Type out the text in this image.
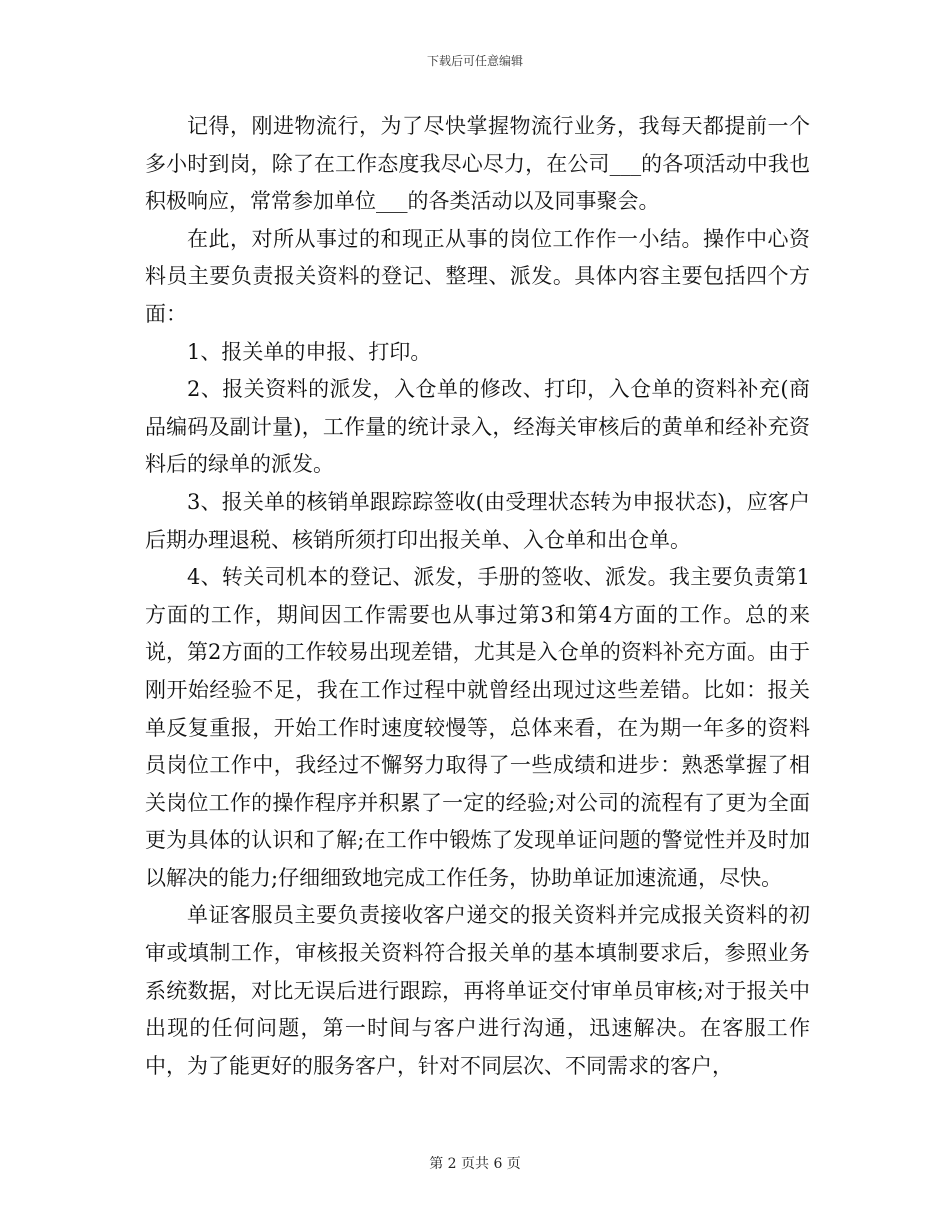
下载后可任意编辑

记得，刚进物流行，为了尽快掌握物流行业务，我每天都提前一个多小时到岗，除了在工作态度我尽心尽力，在公司___的各项活动中我也积极响应，常常参加单位___的各类活动以及同事聚会。

在此，对所从事过的和现正从事的岗位工作作一小结。操作中心资料员主要负责报关资料的登记、整理、派发。具体内容主要包括四个方面：

1、报关单的申报、打印。

2、报关资料的派发，入仓单的修改、打印，入仓单的资料补充(商品编码及副计量)，工作量的统计录入，经海关审核后的黄单和经补充资料后的绿单的派发。

3、报关单的核销单跟踪踪签收(由受理状态转为申报状态)，应客户后期办理退税、核销所须打印出报关单、入仓单和出仓单。

4、转关司机本的登记、派发，手册的签收、派发。我主要负责第1方面的工作，期间因工作需要也从事过第3和第4方面的工作。总的来说，第2方面的工作较易出现差错，尤其是入仓单的资料补充方面。由于刚开始经验不足，我在工作过程中就曾经出现过这些差错。比如：报关单反复重报，开始工作时速度较慢等，总体来看，在为期一年多的资料员岗位工作中，我经过不懈努力取得了一些成绩和进步：熟悉掌握了相关岗位工作的操作程序并积累了一定的经验;对公司的流程有了更为全面更为具体的认识和了解;在工作中锻炼了发现单证问题的警觉性并及时加以解决的能力;仔细细致地完成工作任务，协助单证加速流通，尽快。

单证客服员主要负责接收客户递交的报关资料并完成报关资料的初审或填制工作，审核报关资料符合报关单的基本填制要求后，参照业务系统数据，对比无误后进行跟踪，再将单证交付审单员审核;对于报关中出现的任何问题，第一时间与客户进行沟通，迅速解决。在客服工作中，为了能更好的服务客户，针对不同层次、不同需求的客户，

第 2 页共 6 页
